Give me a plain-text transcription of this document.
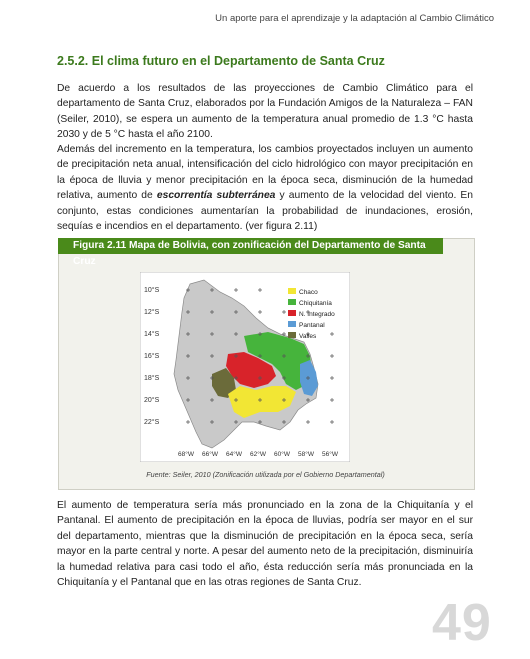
Un aporte para el aprendizaje y la adaptación al Cambio Climático
2.5.2. El clima futuro en el Departamento de Santa Cruz

De acuerdo a los resultados de las proyecciones de Cambio Climático para el departamento de Santa Cruz, elaborados por la Fundación Amigos de la Naturaleza – FAN (Seiler, 2010), se espera un aumento de la temperatura anual promedio de 1.3 °C hasta 2030 y de 5 °C hasta el año 2100.

Además del incremento en la temperatura, los cambios proyectados incluyen un aumento de precipitación neta anual, intensificación del ciclo hidrológico con mayor precipitación en la época de lluvia y menor precipitación en la época seca, disminución de la humedad relativa, aumento de escorrentía subterránea y aumento de la velocidad del viento. En conjunto, estas condiciones aumentarían la probabilidad de inundaciones, erosión, sequías e incendios en el departamento. (ver figura 2.11)

Figura 2.11 Mapa de Bolivia, con zonificación del Departamento de Santa Cruz
10°S
12°S
14°S
16°S
18°S
20°S
22°S
68°W 66°W 64°W 62°W 60°W 58°W 56°W
Chaco
Chiquitanía
N. Integrado
Pantanal
Valles
Fuente: Seiler, 2010 (Zonificación utilizada por el Gobierno Departamental)

El aumento de temperatura sería más pronunciado en la zona de la Chiquitanía y el Pantanal. El aumento de precipitación en la época de lluvias, podría ser mayor en el sur del departamento, mientras que la disminución de precipitación en la época seca, sería mayor en la parte central y norte. A pesar del aumento neto de la precipitación, disminuiría la humedad relativa para casi todo el año, ésta reducción sería más pronunciada en la Chiquitanía y el Pantanal que en las otras regiones de Santa Cruz.

49
